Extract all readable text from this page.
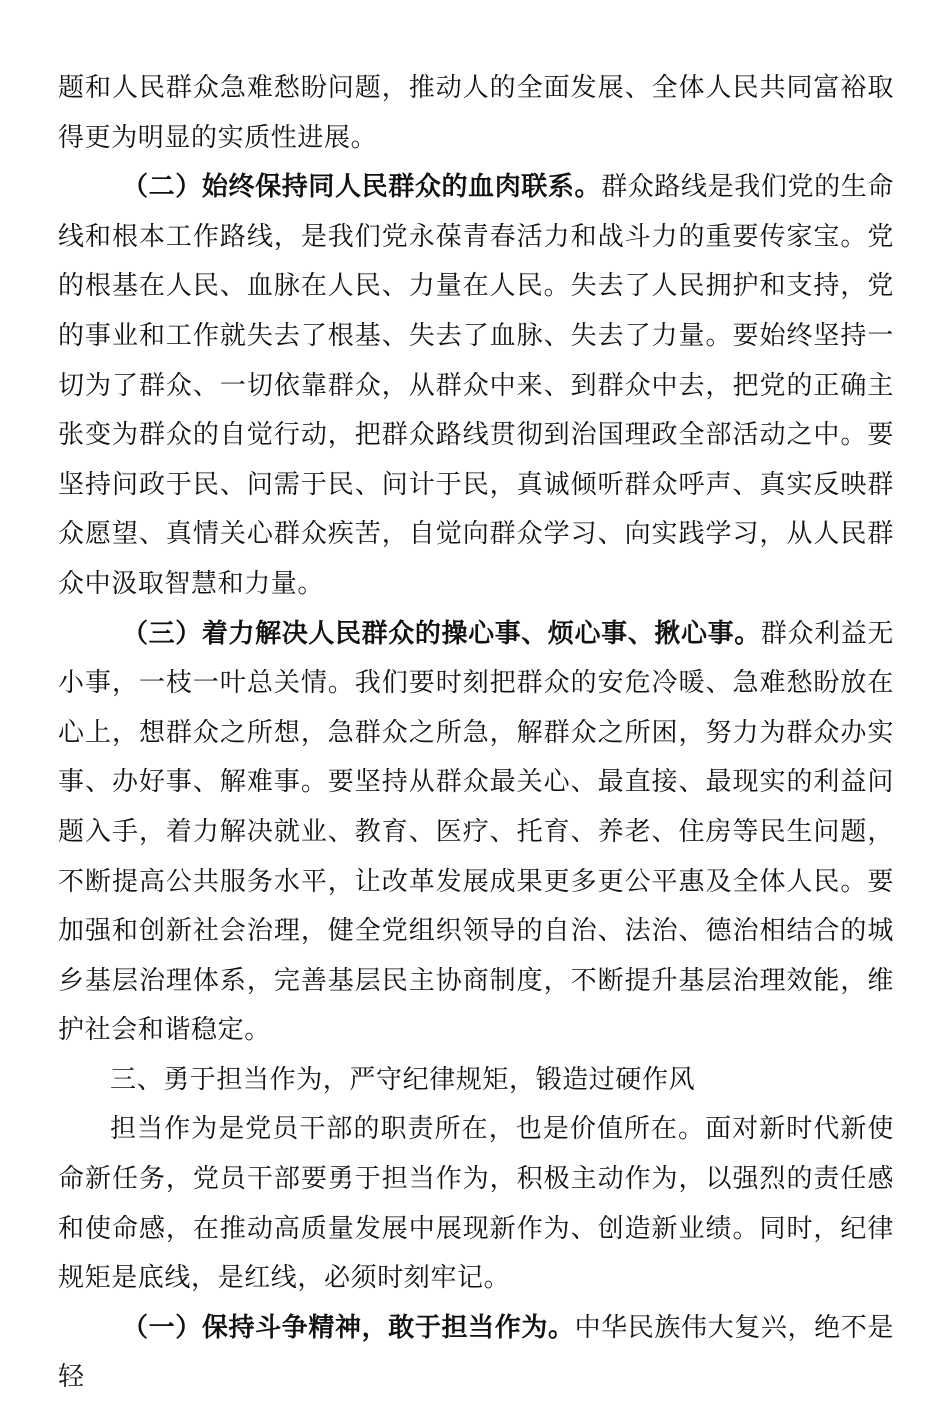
题和人民群众急难愁盼问题，推动人的全面发展、全体人民共同富裕取得更为明显的实质性进展。

（二）始终保持同人民群众的血肉联系。群众路线是我们党的生命线和根本工作路线，是我们党永葆青春活力和战斗力的重要传家宝。党的根基在人民、血脉在人民、力量在人民。失去了人民拥护和支持，党的事业和工作就失去了根基、失去了血脉、失去了力量。要始终坚持一切为了群众、一切依靠群众，从群众中来、到群众中去，把党的正确主张变为群众的自觉行动，把群众路线贯彻到治国理政全部活动之中。要坚持问政于民、问需于民、问计于民，真诚倾听群众呼声、真实反映群众愿望、真情关心群众疾苦，自觉向群众学习、向实践学习，从人民群众中汲取智慧和力量。

（三）着力解决人民群众的操心事、烦心事、揪心事。群众利益无小事，一枝一叶总关情。我们要时刻把群众的安危冷暖、急难愁盼放在心上，想群众之所想，急群众之所急，解群众之所困，努力为群众办实事、办好事、解难事。要坚持从群众最关心、最直接、最现实的利益问题入手，着力解决就业、教育、医疗、托育、养老、住房等民生问题，不断提高公共服务水平，让改革发展成果更多更公平惠及全体人民。要加强和创新社会治理，健全党组织领导的自治、法治、德治相结合的城乡基层治理体系，完善基层民主协商制度，不断提升基层治理效能，维护社会和谐稳定。

三、勇于担当作为，严守纪律规矩，锻造过硬作风

担当作为是党员干部的职责所在，也是价值所在。面对新时代新使命新任务，党员干部要勇于担当作为，积极主动作为，以强烈的责任感和使命感，在推动高质量发展中展现新作为、创造新业绩。同时，纪律规矩是底线，是红线，必须时刻牢记。

（一）保持斗争精神，敢于担当作为。中华民族伟大复兴，绝不是轻
